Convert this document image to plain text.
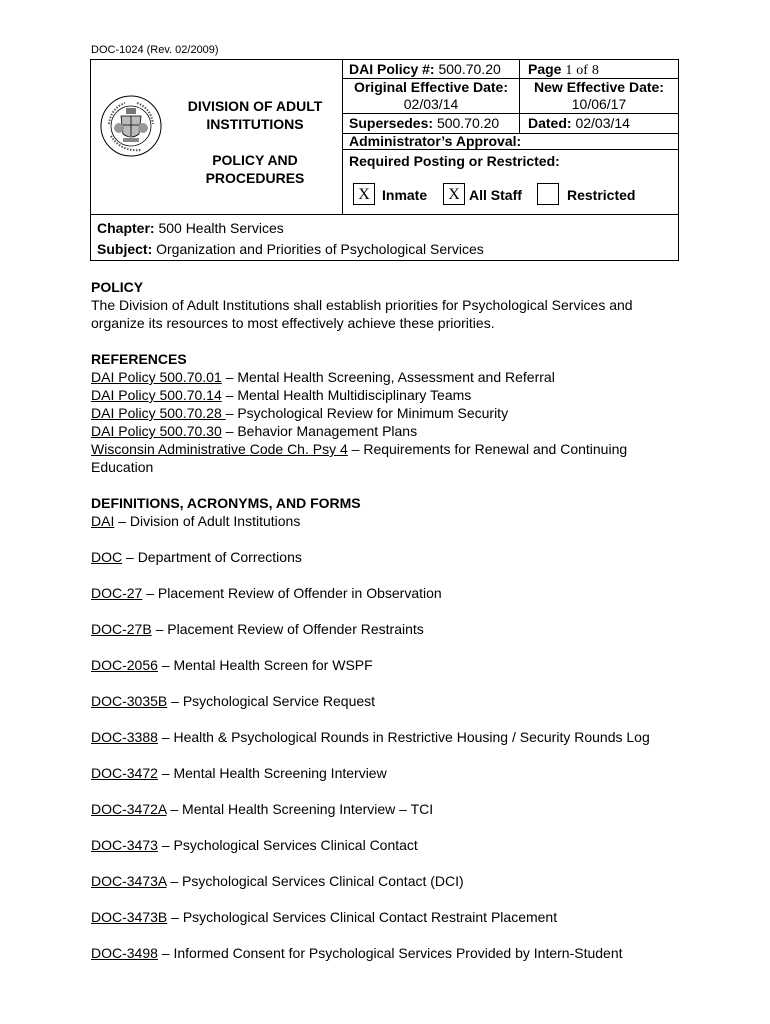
DOC-1024 (Rev. 02/2009)
DIVISION OF ADULT INSTITUTIONS
POLICY AND PROCEDURES
DAI Policy #: 500.70.20 Page 1 of 8
Original Effective Date:
02/03/14
New Effective Date:
10/06/17
Supersedes: 500.70.20 Dated: 02/03/14
Administrator’s Approval:
Required Posting or Restricted:
X Inmate	X All Staff	Restricted
Chapter: 500 Health Services
Subject: Organization and Priorities of Psychological Services
POLICY

The Division of Adult Institutions shall establish priorities for Psychological Services and organize its resources to most effectively achieve these priorities.

REFERENCES
DAI Policy 500.70.01 – Mental Health Screening, Assessment and Referral
DAI Policy 500.70.14 – Mental Health Multidisciplinary Teams
DAI Policy 500.70.28 – Psychological Review for Minimum Security
DAI Policy 500.70.30 – Behavior Management Plans
Wisconsin Administrative Code Ch. Psy 4 – Requirements for Renewal and Continuing Education
DEFINITIONS, ACRONYMS, AND FORMS
DAI – Division of Adult Institutions
DOC – Department of Corrections
DOC-27 – Placement Review of Offender in Observation
DOC-27B – Placement Review of Offender Restraints
DOC-2056 – Mental Health Screen for WSPF
DOC-3035B – Psychological Service Request
DOC-3388 – Health & Psychological Rounds in Restrictive Housing / Security Rounds Log
DOC-3472 – Mental Health Screening Interview
DOC-3472A – Mental Health Screening Interview – TCI
DOC-3473 – Psychological Services Clinical Contact
DOC-3473A – Psychological Services Clinical Contact (DCI)
DOC-3473B – Psychological Services Clinical Contact Restraint Placement
DOC-3498 – Informed Consent for Psychological Services Provided by Intern-Student
